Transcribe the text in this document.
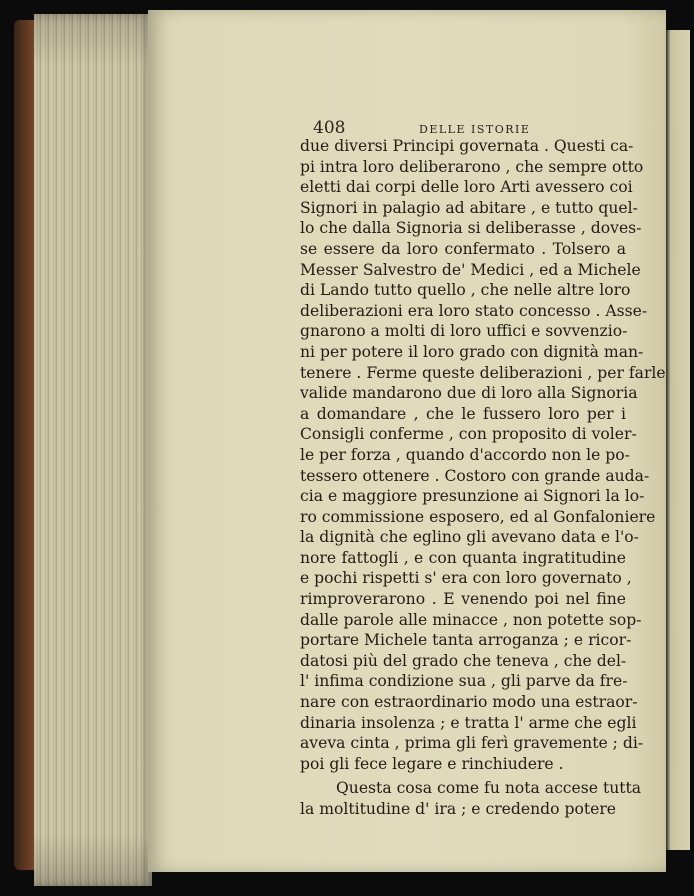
408	DELLE ISTORIE
due diversi Principi governata . Questi ca-
pi intra loro deliberarono , che sempre otto
eletti dai corpi delle loro Arti avessero coi
Signori in palagio ad abitare , e tutto quel-
lo che dalla Signoria si deliberasse , doves-
se essere da loro confermato . Tolsero a
Messer Salvestro de' Medici , ed a Michele
di Lando tutto quello , che nelle altre loro
deliberazioni era loro stato concesso . Asse-
gnarono a molti di loro uffici e sovvenzio-
ni per potere il loro grado con dignità man-
tenere . Ferme queste deliberazioni , per farle
valide mandarono due di loro alla Signoria
a domandare , che le fussero loro per i
Consigli conferme , con proposito di voler-
le per forza , quando d'accordo non le po-
tessero ottenere . Costoro con grande auda-
cia e maggiore presunzione ai Signori la lo-
ro commissione esposero, ed al Gonfaloniere
la dignità che eglino gli avevano data e l'o-
nore fattogli , e con quanta ingratitudine
e pochi rispetti s' era con loro governato ,
rimproverarono . E venendo poi nel fine
dalle parole alle minacce , non potette sop-
portare Michele tanta arroganza ; e ricor-
datosi più del grado che teneva , che del-
l' infima condizione sua , gli parve da fre-
nare con estraordinario modo una estraor-
dinaria insolenza ; e tratta l' arme che egli
aveva cinta , prima gli ferì gravemente ; di-
poi gli fece legare e rinchiudere .
Questa cosa come fu nota accese tutta
la moltitudine d' ira ; e credendo potere
